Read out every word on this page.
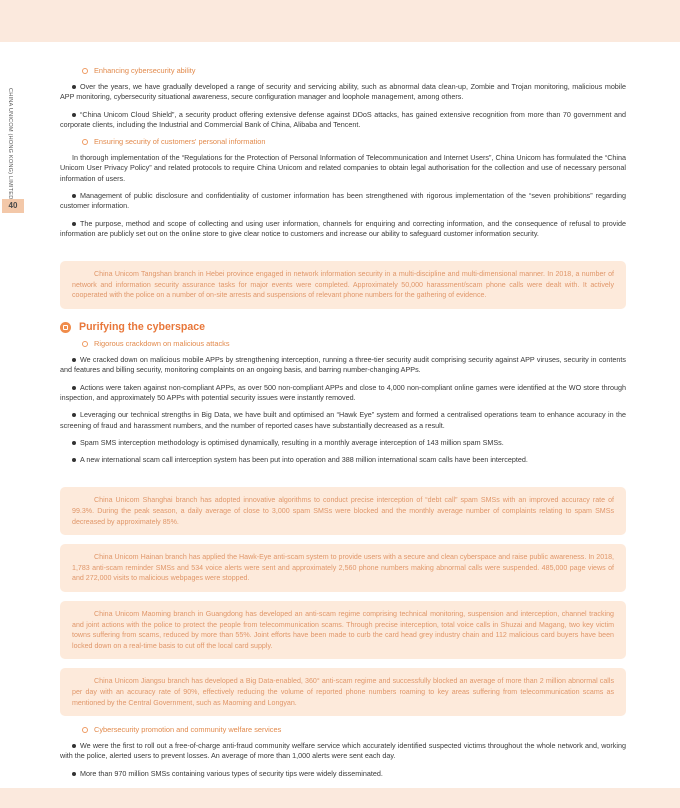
CHINA UNICOM (HONG KONG) LIMITED
40
Enhancing cybersecurity ability

Over the years, we have gradually developed a range of security and servicing ability, such as abnormal data clean-up, Zombie and Trojan monitoring, malicious mobile APP monitoring, cybersecurity situational awareness, secure configuration manager and loophole management, among others.

“China Unicom Cloud Shield”, a security product offering extensive defense against DDoS attacks, has gained extensive recognition from more than 70 government and corporate clients, including the Industrial and Commercial Bank of China, Alibaba and Tencent.

Ensuring security of customers' personal information

In thorough implementation of the “Regulations for the Protection of Personal Information of Telecommunication and Internet Users”, China Unicom has formulated the “China Unicom User Privacy Policy” and related protocols to require China Unicom and related companies to obtain legal authorisation for the collection and use of necessary personal information of users.

Management of public disclosure and confidentiality of customer information has been strengthened with rigorous implementation of the “seven prohibitions” regarding customer information.

The purpose, method and scope of collecting and using user information, channels for enquiring and correcting information, and the consequence of refusal to provide information are publicly set out on the online store to give clear notice to customers and increase our ability to safeguard customer information security.

China Unicom Tangshan branch in Hebei province engaged in network information security in a multi-discipline and multi-dimensional manner. In 2018, a number of network and information security assurance tasks for major events were completed. Approximately 50,000 harassment/scam phone calls were dealt with. It actively cooperated with the police on a number of on-site arrests and suspensions of relevant phone numbers for the gathering of evidence.
Purifying the cyberspace
Rigorous crackdown on malicious attacks

We cracked down on malicious mobile APPs by strengthening interception, running a three-tier security audit comprising security against APP viruses, security in contents and features and billing security, monitoring complaints on an ongoing basis, and barring number-changing APPs.

Actions were taken against non-compliant APPs, as over 500 non-compliant APPs and close to 4,000 non-compliant online games were identified at the WO store through inspection, and approximately 50 APPs with potential security issues were instantly removed.

Leveraging our technical strengths in Big Data, we have built and optimised an “Hawk Eye” system and formed a centralised operations team to enhance accuracy in the screening of fraud and harassment numbers, and the number of reported cases have substantially decreased as a result.

Spam SMS interception methodology is optimised dynamically, resulting in a monthly average interception of 143 million spam SMSs.

A new international scam call interception system has been put into operation and 388 million international scam calls have been intercepted.

China Unicom Shanghai branch has adopted innovative algorithms to conduct precise interception of “debt call” spam SMSs with an improved accuracy rate of 99.3%. During the peak season, a daily average of close to 3,000 spam SMSs were blocked and the monthly average number of complaints relating to spam SMSs decreased by approximately 85%.
China Unicom Hainan branch has applied the Hawk-Eye anti-scam system to provide users with a secure and clean cyberspace and raise public awareness. In 2018, 1,783 anti-scam reminder SMSs and 534 voice alerts were sent and approximately 2,560 phone numbers making abnormal calls were suspended. 485,000 page views of and 272,000 visits to malicious webpages were stopped.
China Unicom Maoming branch in Guangdong has developed an anti-scam regime comprising technical monitoring, suspension and interception, channel tracking and joint actions with the police to protect the people from telecommunication scams. Through precise interception, total voice calls in Shuzai and Magang, two key victim towns suffering from scams, reduced by more than 55%. Joint efforts have been made to curb the card head grey industry chain and 112 malicious card buyers have been locked down on a real-time basis to cut off the local card supply.
China Unicom Jiangsu branch has developed a Big Data-enabled, 360° anti-scam regime and successfully blocked an average of more than 2 million abnormal calls per day with an accuracy rate of 90%, effectively reducing the volume of reported phone numbers roaming to key areas suffering from telecommunication scams as mentioned by the Central Government, such as Maoming and Longyan.
Cybersecurity promotion and community welfare services

We were the first to roll out a free-of-charge anti-fraud community welfare service which accurately identified suspected victims throughout the whole network and, working with the police, alerted users to prevent losses. An average of more than 1,000 alerts were sent each day.

More than 970 million SMSs containing various types of security tips were widely disseminated.
